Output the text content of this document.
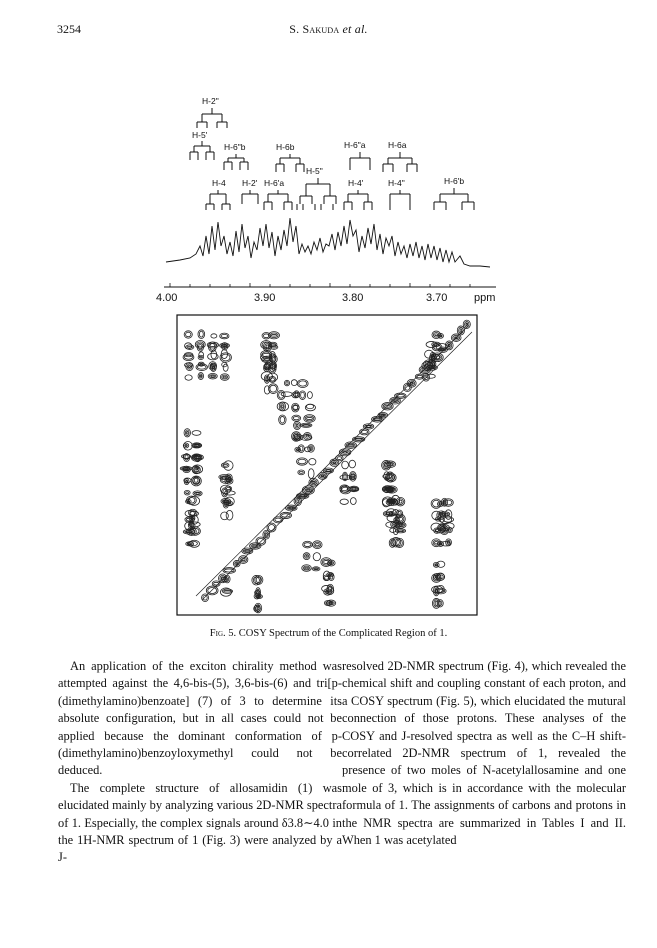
3254	S. Sakuda et al.
H-2"
H-5'
H-6"b	H-6b	H-6"a	H-6a
H-4 H-2' H-6'a
H-5"
H-4'	H-4"	H-6'b
4.00	3.90	3.80	3.70 ppm
Fig. 5. COSY Spectrum of the Complicated Region of 1.

An application of the exciton chirality method was attempted against the 4,6-bis-(5), 3,6-bis-(6) and tri[p-(dimethylamino)benzoate] (7) of 3 to determine its absolute configuration, but in all cases could not be applied because the dominant conformation of p-(dimethylamino)benzoyloxymethyl could not be deduced.

The complete structure of allosamidin (1) was elucidated mainly by analyzing various 2D-NMR spectra of 1. Especially, the complex signals around δ3.8∼4.0 in the 1H-NMR spectrum of 1 (Fig. 3) were analyzed by a J-

resolved 2D-NMR spectrum (Fig. 4), which revealed the chemical shift and coupling constant of each proton, and a COSY spectrum (Fig. 5), which elucidated the mutural connection of those protons. These analyses of the COSY and J-resolved spectra as well as the C–H shift-correlated 2D-NMR spectrum of 1, revealed the presence of two moles of N-acetylallosamine and one mole of 3, which is in accordance with the molecular formula of 1. The assignments of carbons and protons in the NMR spectra are summarized in Tables I and II. When 1 was acetylated
